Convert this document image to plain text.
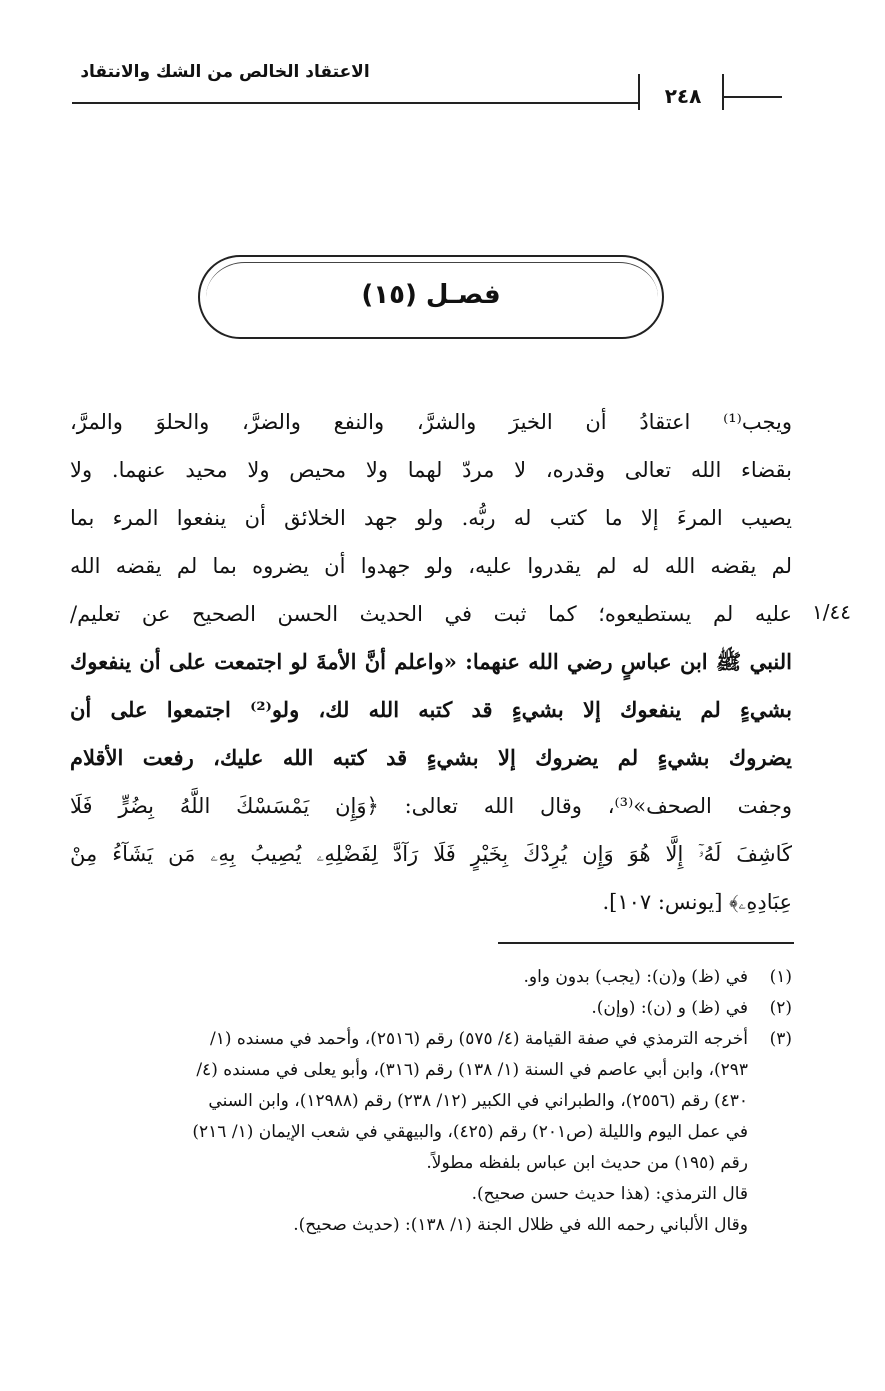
الاعتقاد الخالص من الشك والانتقاد
٢٤٨
فصـل (١٥)
١/٤٤
ويجب⁽¹⁾ اعتقادُ أن الخيرَ والشرَّ، والنفع والضرَّ، والحلوَ والمرَّ،
بقضاء الله تعالى وقدره، لا مردّ لهما ولا محيص ولا محيد عنهما. ولا
يصيب المرءَ إلا ما كتب له ربُّه. ولو جهد الخلائق أن ينفعوا المرء بما
لم يقضه الله له لم يقدروا عليه، ولو جهدوا أن يضروه بما لم يقضه الله
عليه لم يستطيعوه؛ كما ثبت في الحديث الحسن الصحيح عن تعليم/
النبي ﷺ ابن عباسٍ رضي الله عنهما: «واعلم أنَّ الأمةَ لو اجتمعت على أن ينفعوك
بشيءٍ لم ينفعوك إلا بشيءٍ قد كتبه الله لك، ولو⁽²⁾ اجتمعوا على أن
يضروك بشيءٍ لم يضروك إلا بشيءٍ قد كتبه الله عليك، رفعت الأقلام
وجفت الصحف»⁽³⁾، وقال الله تعالى: ﴿وَإِن يَمْسَسْكَ اللَّهُ بِضُرٍّ فَلَا
كَاشِفَ لَهُۥٓ إِلَّا هُوَ وَإِن يُرِدْكَ بِخَيْرٍ فَلَا رَآدَّ لِفَضْلِهِۦ يُصِيبُ بِهِۦ مَن يَشَآءُ مِنْ
عِبَادِهِۦ﴾ [يونس: ١٠٧].
(١)
في (ظ) و(ن): (يجب) بدون واو.
(٢)
في (ظ) و (ن): (وإن).
(٣)
أخرجه الترمذي في صفة القيامة (٤/ ٥٧٥) رقم (٢٥١٦)، وأحمد في مسنده (١/
٢٩٣)، وابن أبي عاصم في السنة (١/ ١٣٨) رقم (٣١٦)، وأبو يعلى في مسنده (٤/
٤٣٠) رقم (٢٥٥٦)، والطبراني في الكبير (١٢/ ٢٣٨) رقم (١٢٩٨٨)، وابن السني
في عمل اليوم والليلة (ص٢٠١) رقم (٤٢٥)، والبيهقي في شعب الإيمان (١/ ٢١٦)
رقم (١٩٥) من حديث ابن عباس بلفظه مطولاً.
قال الترمذي: (هذا حديث حسن صحيح).
وقال الألباني رحمه الله في ظلال الجنة (١/ ١٣٨): (حديث صحيح).
